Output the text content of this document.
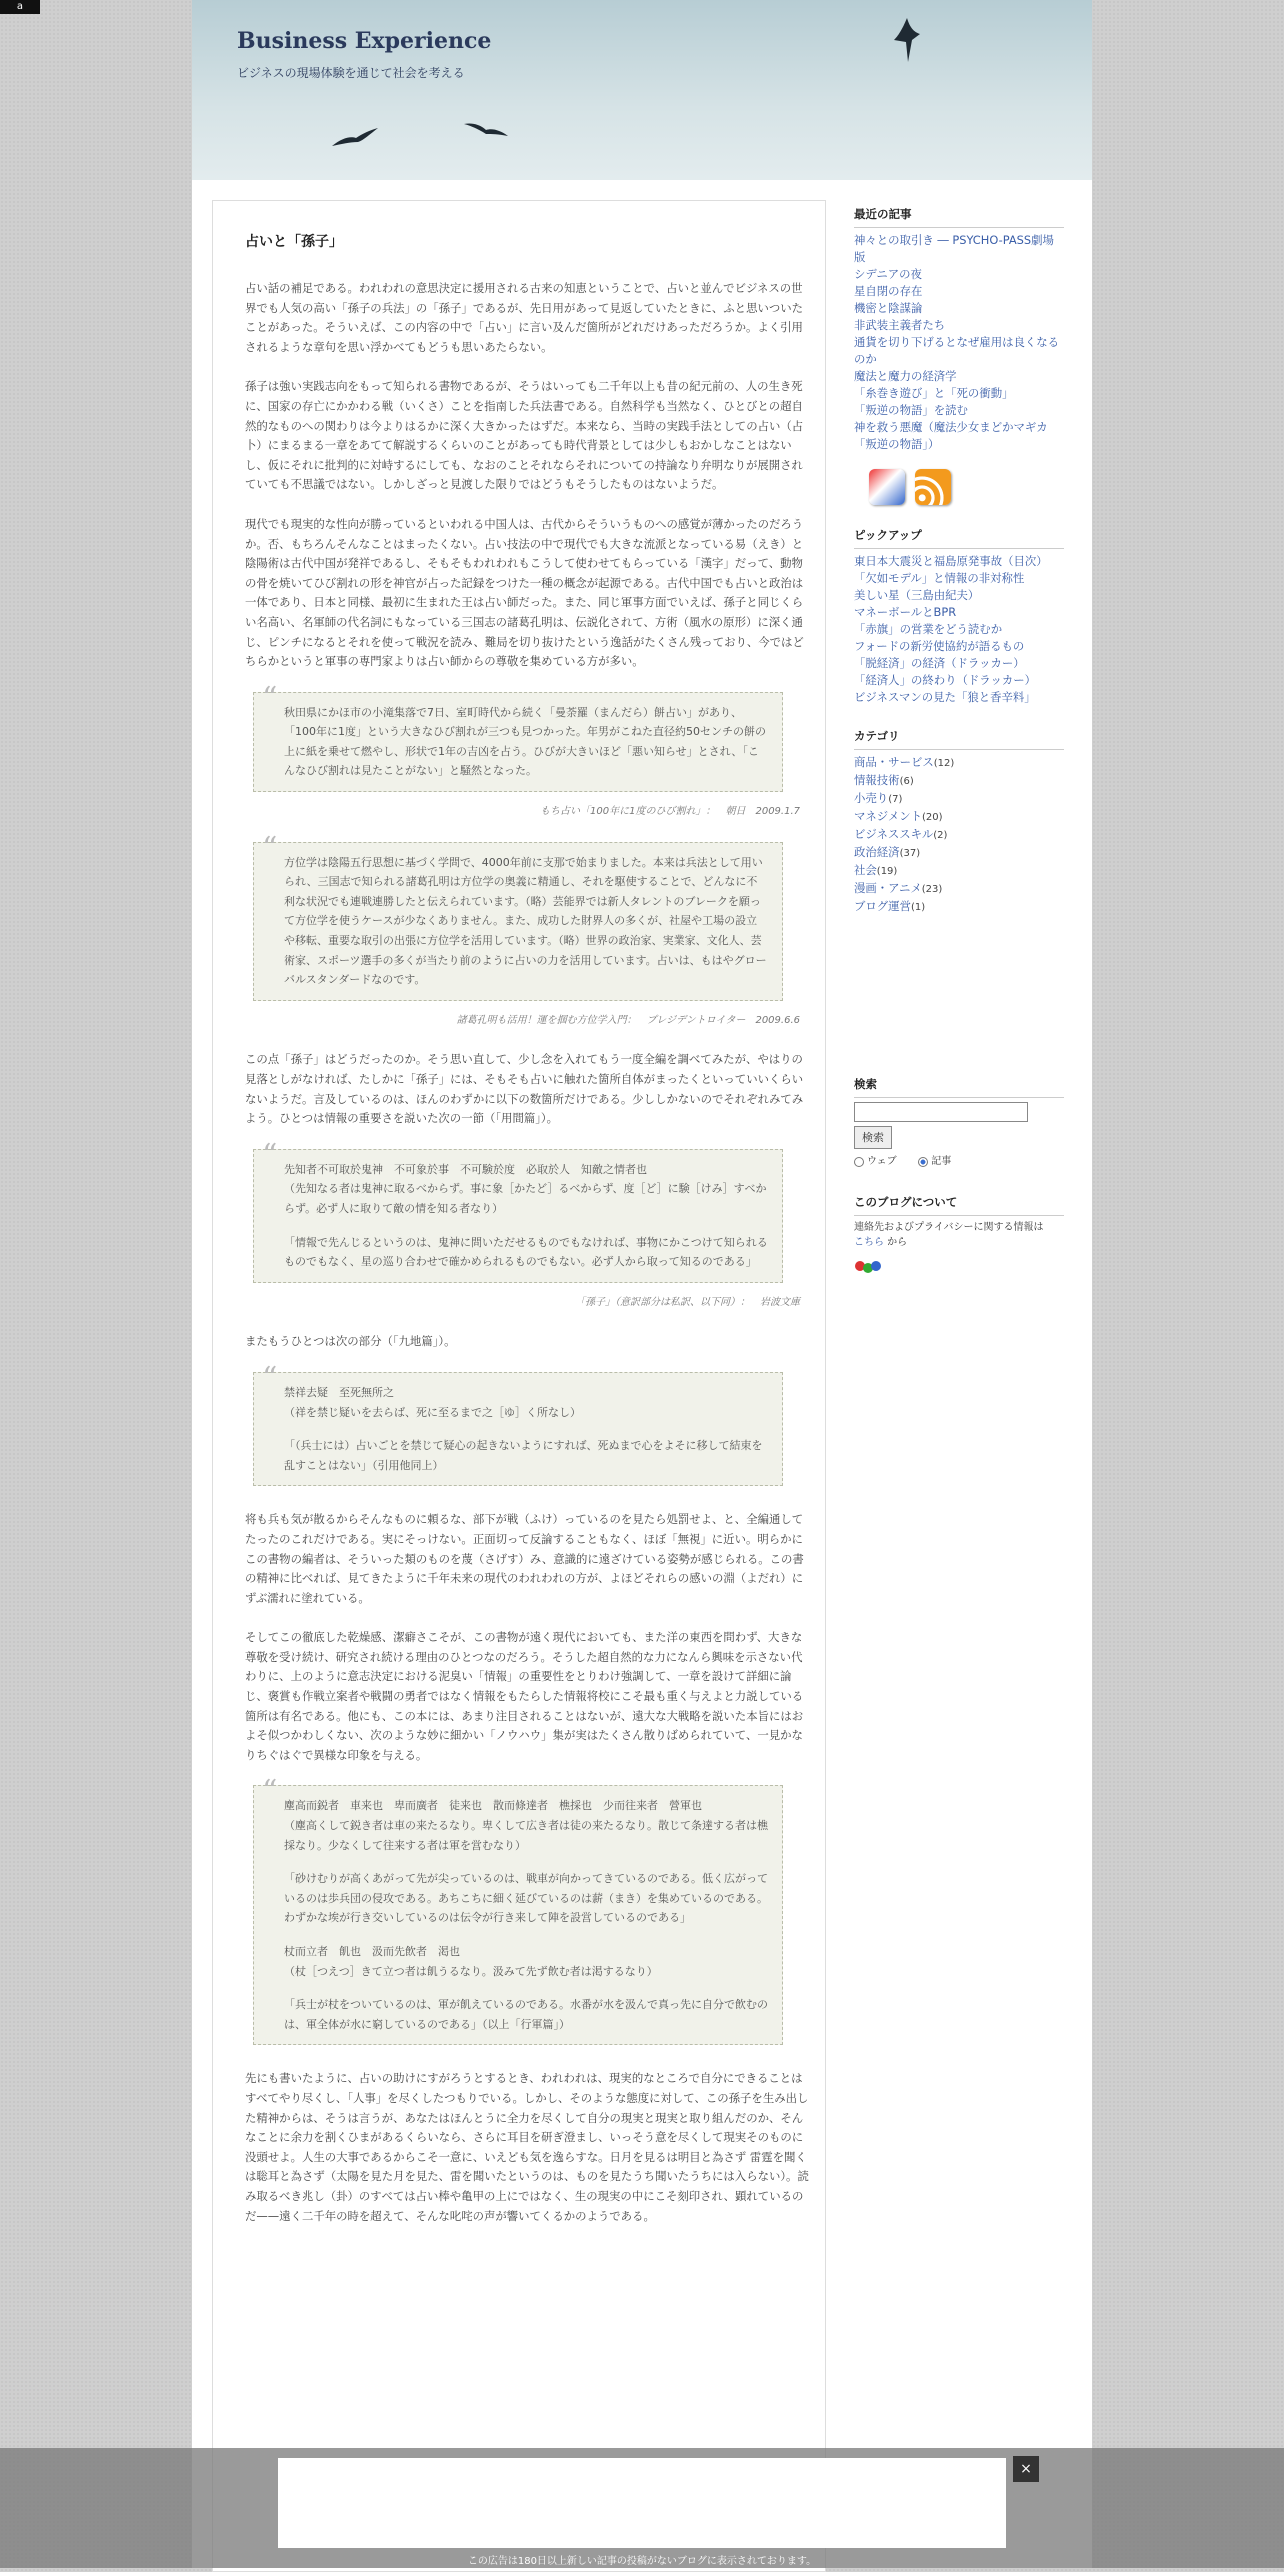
a
Business Experience
ビジネスの現場体験を通じて社会を考える
占いと「孫子」

占い話の補足である。われわれの意思決定に援用される古来の知恵ということで、占いと並んでビジネスの世界でも人気の高い「孫子の兵法」の「孫子」であるが、先日用があって見返していたときに、ふと思いついたことがあった。そういえば、この内容の中で「占い」に言い及んだ箇所がどれだけあっただろうか。よく引用されるような章句を思い浮かべてもどうも思いあたらない。

孫子は強い実践志向をもって知られる書物であるが、そうはいっても二千年以上も昔の紀元前の、人の生き死に、国家の存亡にかかわる戦（いくさ）ことを指南した兵法書である。自然科学も当然なく、ひとびとの超自然的なものへの関わりは今よりはるかに深く大きかったはずだ。本来なら、当時の実践手法としての占い（占卜）にまるまる一章をあてて解説するくらいのことがあっても時代背景としては少しもおかしなことはないし、仮にそれに批判的に対峙するにしても、なおのことそれならそれについての持論なり弁明なりが展開されていても不思議ではない。しかしざっと見渡した限りではどうもそうしたものはないようだ。

現代でも現実的な性向が勝っているといわれる中国人は、古代からそういうものへの感覚が薄かったのだろうか。否、もちろんそんなことはまったくない。占い技法の中で現代でも大きな流派となっている易（えき）と陰陽術は古代中国が発祥であるし、そもそもわれわれもこうして使わせてもらっている「漢字」だって、動物の骨を焼いてひび割れの形を神官が占った記録をつけた一種の概念が起源である。古代中国でも占いと政治は一体であり、日本と同様、最初に生まれた王は占い師だった。また、同じ軍事方面でいえば、孫子と同じくらい名高い、名軍師の代名詞にもなっている三国志の諸葛孔明は、伝説化されて、方術（風水の原形）に深く通じ、ピンチになるとそれを使って戦況を読み、難局を切り抜けたという逸話がたくさん残っており、今ではどちらかというと軍事の専門家よりは占い師からの尊敬を集めている方が多い。

“ 秋田県にかほ市の小滝集落で7日、室町時代から続く「曼荼羅（まんだら）餅占い」があり、「100年に1度」という大きなひび割れが三つも見つかった。年男がこねた直径約50センチの餅の上に紙を乗せて燃やし、形状で1年の吉凶を占う。ひびが大きいほど「悪い知らせ」とされ、「こんなひび割れは見たことがない」と騒然となった。

もち占い「100年に1度のひび割れ」：　朝日　2009.1.7
“ 方位学は陰陽五行思想に基づく学問で、4000年前に支那で始まりました。本来は兵法として用いられ、三国志で知られる諸葛孔明は方位学の奥義に精通し、それを駆使することで、どんなに不利な状況でも連戦連勝したと伝えられています。（略）芸能界では新人タレントのブレークを願って方位学を使うケースが少なくありません。また、成功した財界人の多くが、社屋や工場の設立や移転、重要な取引の出張に方位学を活用しています。（略）世界の政治家、実業家、文化人、芸術家、スポーツ選手の多くが当たり前のように占いの力を活用しています。占いは、もはやグローバルスタンダードなのです。

諸葛孔明も活用！運を掴む方位学入門：　プレジデントロイター　2009.6.6

この点「孫子」はどうだったのか。そう思い直して、少し念を入れてもう一度全編を調べてみたが、やはりの見落としがなければ、たしかに「孫子」には、そもそも占いに触れた箇所自体がまったくといっていいくらいないようだ。言及しているのは、ほんのわずかに以下の数箇所だけである。少ししかないのでそれぞれみてみよう。ひとつは情報の重要さを説いた次の一節（「用間篇」）。

“ 先知者不可取於鬼神　不可象於事　不可験於度　必取於人　知敵之情者也

（先知なる者は鬼神に取るべからず。事に象［かたど］るべからず、度［ど］に験［けみ］すべからず。必ず人に取りて敵の情を知る者なり）

「情報で先んじるというのは、鬼神に問いただせるものでもなければ、事物にかこつけて知られるものでもなく、星の巡り合わせで確かめられるものでもない。必ず人から取って知るのである」

「孫子」（意訳部分は私訳、以下同）：　岩波文庫

またもうひとつは次の部分（「九地篇」）。

“ 禁祥去疑　至死無所之

（祥を禁じ疑いを去らば、死に至るまで之［ゆ］く所なし）

「（兵士には）占いごとを禁じて疑心の起きないようにすれば、死ぬまで心をよそに移して結束を乱すことはない」（引用他同上）

将も兵も気が散るからそんなものに頼るな、部下が戦（ふけ）っているのを見たら処罰せよ、と、全編通してたったのこれだけである。実にそっけない。正面切って反論することもなく、ほぼ「無視」に近い。明らかにこの書物の編者は、そういった類のものを蔑（さげす）み、意識的に遠ざけている姿勢が感じられる。この書の精神に比べれば、見てきたように千年未来の現代のわれわれの方が、よほどそれらの感いの淵（よだれ）にずぶ濡れに塗れている。

そしてこの徹底した乾燥感、潔癖さこそが、この書物が遠く現代においても、また洋の東西を問わず、大きな尊敬を受け続け、研究され続ける理由のひとつなのだろう。そうした超自然的な力になんら興味を示さない代わりに、上のように意志決定における泥臭い「情報」の重要性をとりわけ強調して、一章を設けて詳細に論じ、褒賞も作戦立案者や戦闘の勇者ではなく情報をもたらした情報将校にこそ最も重く与えよと力説している箇所は有名である。他にも、この本には、あまり注目されることはないが、遠大な大戦略を説いた本旨にはおよそ似つかわしくない、次のような妙に細かい「ノウハウ」集が実はたくさん散りばめられていて、一見かなりちぐはぐで異様な印象を与える。

“ 塵高而鋭者　車来也　卑而廣者　徒来也　散而條達者　樵採也　少而往来者　營軍也

（塵高くして鋭き者は車の来たるなり。卑くして広き者は徒の来たるなり。散じて条達する者は樵採なり。少なくして往来する者は軍を営むなり）

「砂けむりが高くあがって先が尖っているのは、戦車が向かってきているのである。低く広がっているのは歩兵団の侵攻である。あちこちに細く延びているのは薪（まき）を集めているのである。わずかな埃が行き交いしているのは伝令が行き来して陣を設営しているのである」

杖而立者　飢也　汲而先飲者　渇也

（杖［つえつ］きて立つ者は飢うるなり。汲みて先ず飲む者は渇するなり）

「兵士が杖をついているのは、軍が飢えているのである。水番が水を汲んで真っ先に自分で飲むのは、軍全体が水に窮しているのである」（以上「行軍篇」）

先にも書いたように、占いの助けにすがろうとするとき、われわれは、現実的なところで自分にできることはすべてやり尽くし、「人事」を尽くしたつもりでいる。しかし、そのような態度に対して、この孫子を生み出した精神からは、そうは言うが、あなたはほんとうに全力を尽くして自分の現実と現実と取り組んだのか、そんなことに余力を割くひまがあるくらいなら、さらに耳目を研ぎ澄まし、いっそう意を尽くして現実そのものに没頭せよ。人生の大事であるからこそ一意に、いえども気を逸らすな。日月を見るは明目と為さず 雷霆を聞くは聡耳と為さず（太陽を見た月を見た、雷を聞いたというのは、ものを見たうち聞いたうちには入らない）。読み取るべき兆し（卦）のすべては占い棒や亀甲の上にではなく、生の現実の中にこそ刻印され、顕れているのだ——遠く二千年の時を超えて、そんな叱咤の声が響いてくるかのようである。

最近の記事
神々との取引き ― PSYCHO-PASS劇場版
シデニアの夜
星自閉の存在
機密と陰謀論
非武装主義者たち
通貨を切り下げるとなぜ雇用は良くなるのか
魔法と魔力の経済学
「糸巻き遊び」と「死の衝動」
「叛逆の物語」を読む
神を救う悪魔（魔法少女まどかマギカ「叛逆の物語」）
ピックアップ
東日本大震災と福島原発事故（目次）
「欠如モデル」と情報の非対称性
美しい星（三島由紀夫）
マネーボールとBPR
「赤旗」の営業をどう読むか
フォードの新労使協約が語るもの
「脱経済」の経済（ドラッカー）
「経済人」の終わり（ドラッカー）
ビジネスマンの見た「狼と香辛料」
カテゴリ
商品・サービス(12)
情報技術(6)
小売り(7)
マネジメント(20)
ビジネススキル(2)
政治経済(37)
社会(19)
漫画・アニメ(23)
ブログ運営(1)
検索
検索
ウェブ
	記事
このブログについて
連絡先およびプライバシーに関する情報は
こちら から
×
この広告は180日以上新しい記事の投稿がないブログに表示されております。
